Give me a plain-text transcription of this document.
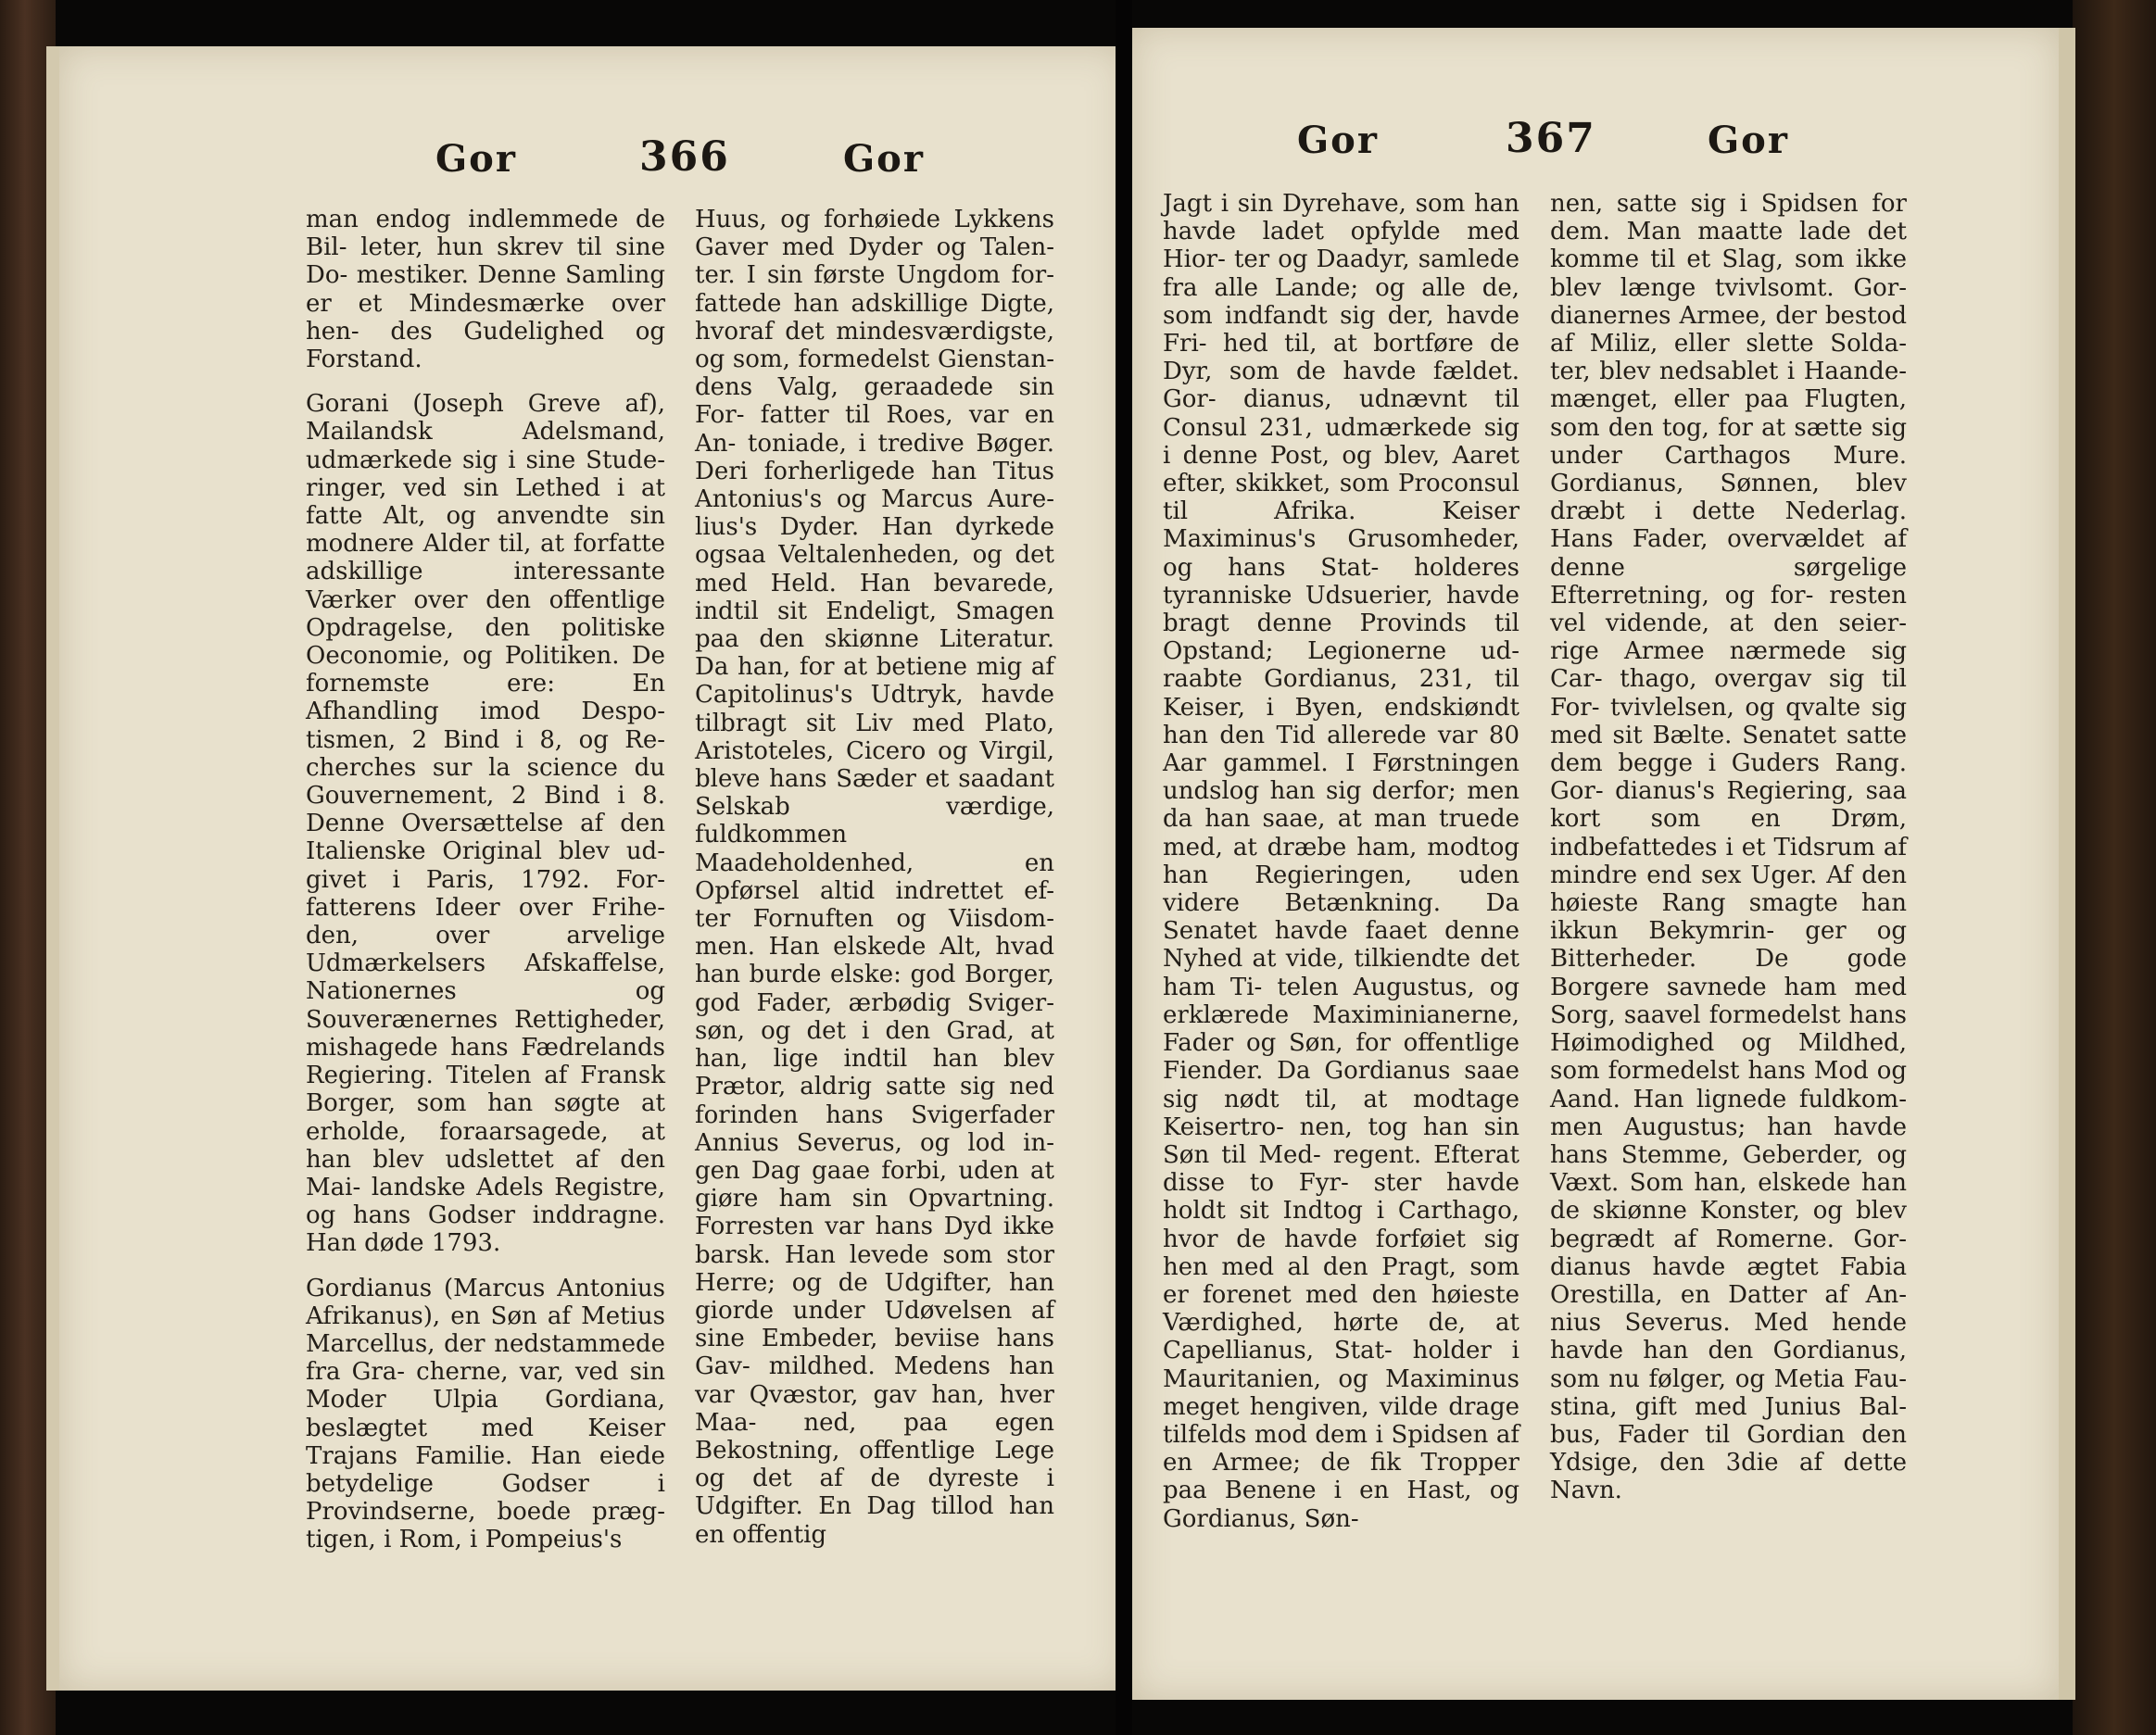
Gor	366	Gor

man endog indlemmede de Bil- leter, hun skrev til sine Do- mestiker. Denne Samling er et Mindesmærke over hen- des Gudelighed og Forstand.

Gorani (Joseph Greve af), Mailandsk Adelsmand, udmærkede sig i sine Stude- ringer, ved sin Lethed i at fatte Alt, og anvendte sin modnere Alder til, at forfatte adskillige interessante Værker over den offentlige Opdragelse, den politiske Oeconomie, og Politiken. De fornemste ere: En Afhandling imod Despo- tismen, 2 Bind i 8, og Re- cherches sur la science du Gouvernement, 2 Bind i 8. Denne Oversættelse af den Italienske Original blev ud- givet i Paris, 1792. For- fatterens Ideer over Frihe- den, over arvelige Udmærkelsers Afskaffelse, Nationernes og Souverænernes Rettigheder, mishagede hans Fædrelands Regiering. Titelen af Fransk Borger, som han søgte at erholde, foraarsagede, at han blev udslettet af den Mai- landske Adels Registre, og hans Godser inddragne. Han døde 1793.

Gordianus (Marcus Antonius Afrikanus), en Søn af Metius Marcellus, der nedstammede fra Gra- cherne, var, ved sin Moder Ulpia Gordiana, beslægtet med Keiser Trajans Familie. Han eiede betydelige Godser i Provindserne, boede præg- tigen, i Rom, i Pompeius's

Huus, og forhøiede Lykkens Gaver med Dyder og Talen- ter. I sin første Ungdom for- fattede han adskillige Digte, hvoraf det mindesværdigste, og som, formedelst Gienstan- dens Valg, geraadede sin For- fatter til Roes, var en An- toniade, i tredive Bøger. Deri forherligede han Titus Antonius's og Marcus Aure- lius's Dyder. Han dyrkede ogsaa Veltalenheden, og det med Held. Han bevarede, indtil sit Endeligt, Smagen paa den skiønne Literatur. Da han, for at betiene mig af Capitolinus's Udtryk, havde tilbragt sit Liv med Plato, Aristoteles, Cicero og Virgil, bleve hans Sæder et saadant Selskab værdige, fuldkommen Maadeholdenhed, en Opførsel altid indrettet ef- ter Fornuften og Viisdom- men. Han elskede Alt, hvad han burde elske: god Borger, god Fader, ærbødig Sviger- søn, og det i den Grad, at han, lige indtil han blev Prætor, aldrig satte sig ned forinden hans Svigerfader Annius Severus, og lod in- gen Dag gaae forbi, uden at giøre ham sin Opvartning. Forresten var hans Dyd ikke barsk. Han levede som stor Herre; og de Udgifter, han giorde under Udøvelsen af sine Embeder, beviise hans Gav- mildhed. Medens han var Qvæstor, gav han, hver Maa- ned, paa egen Bekostning, offentlige Lege og det af de dyreste i Udgifter. En Dag tillod han en offentig

Gor	367	Gor

Jagt i sin Dyrehave, som han havde ladet opfylde med Hior- ter og Daadyr, samlede fra alle Lande; og alle de, som indfandt sig der, havde Fri- hed til, at bortføre de Dyr, som de havde fældet. Gor- dianus, udnævnt til Consul 231, udmærkede sig i denne Post, og blev, Aaret efter, skikket, som Proconsul til Afrika. Keiser Maximinus's Grusomheder, og hans Stat- holderes tyranniske Udsuerier, havde bragt denne Provinds til Opstand; Legionerne ud- raabte Gordianus, 231, til Keiser, i Byen, endskiøndt han den Tid allerede var 80 Aar gammel. I Førstningen undslog han sig derfor; men da han saae, at man truede med, at dræbe ham, modtog han Regieringen, uden videre Betænkning. Da Senatet havde faaet denne Nyhed at vide, tilkiendte det ham Ti- telen Augustus, og erklærede Maximinianerne, Fader og Søn, for offentlige Fiender. Da Gordianus saae sig nødt til, at modtage Keisertro- nen, tog han sin Søn til Med- regent. Efterat disse to Fyr- ster havde holdt sit Indtog i Carthago, hvor de havde forføiet sig hen med al den Pragt, som er forenet med den høieste Værdighed, hørte de, at Capellianus, Stat- holder i Mauritanien, og Maximinus meget hengiven, vilde drage tilfelds mod dem i Spidsen af en Armee; de fik Tropper paa Benene i en Hast, og Gordianus, Søn-

nen, satte sig i Spidsen for dem. Man maatte lade det komme til et Slag, som ikke blev længe tvivlsomt. Gor- dianernes Armee, der bestod af Miliz, eller slette Solda- ter, blev nedsablet i Haande- mænget, eller paa Flugten, som den tog, for at sætte sig under Carthagos Mure. Gordianus, Sønnen, blev dræbt i dette Nederlag. Hans Fader, overvældet af denne sørgelige Efterretning, og for- resten vel vidende, at den seier- rige Armee nærmede sig Car- thago, overgav sig til For- tvivlelsen, og qvalte sig med sit Bælte. Senatet satte dem begge i Guders Rang. Gor- dianus's Regiering, saa kort som en Drøm, indbefattedes i et Tidsrum af mindre end sex Uger. Af den høieste Rang smagte han ikkun Bekymrin- ger og Bitterheder. De gode Borgere savnede ham med Sorg, saavel formedelst hans Høimodighed og Mildhed, som formedelst hans Mod og Aand. Han lignede fuldkom- men Augustus; han havde hans Stemme, Geberder, og Væxt. Som han, elskede han de skiønne Konster, og blev begrædt af Romerne. Gor- dianus havde ægtet Fabia Orestilla, en Datter af An- nius Severus. Med hende havde han den Gordianus, som nu følger, og Metia Fau- stina, gift med Junius Bal- bus, Fader til Gordian den Ydsige, den 3die af dette Navn.
